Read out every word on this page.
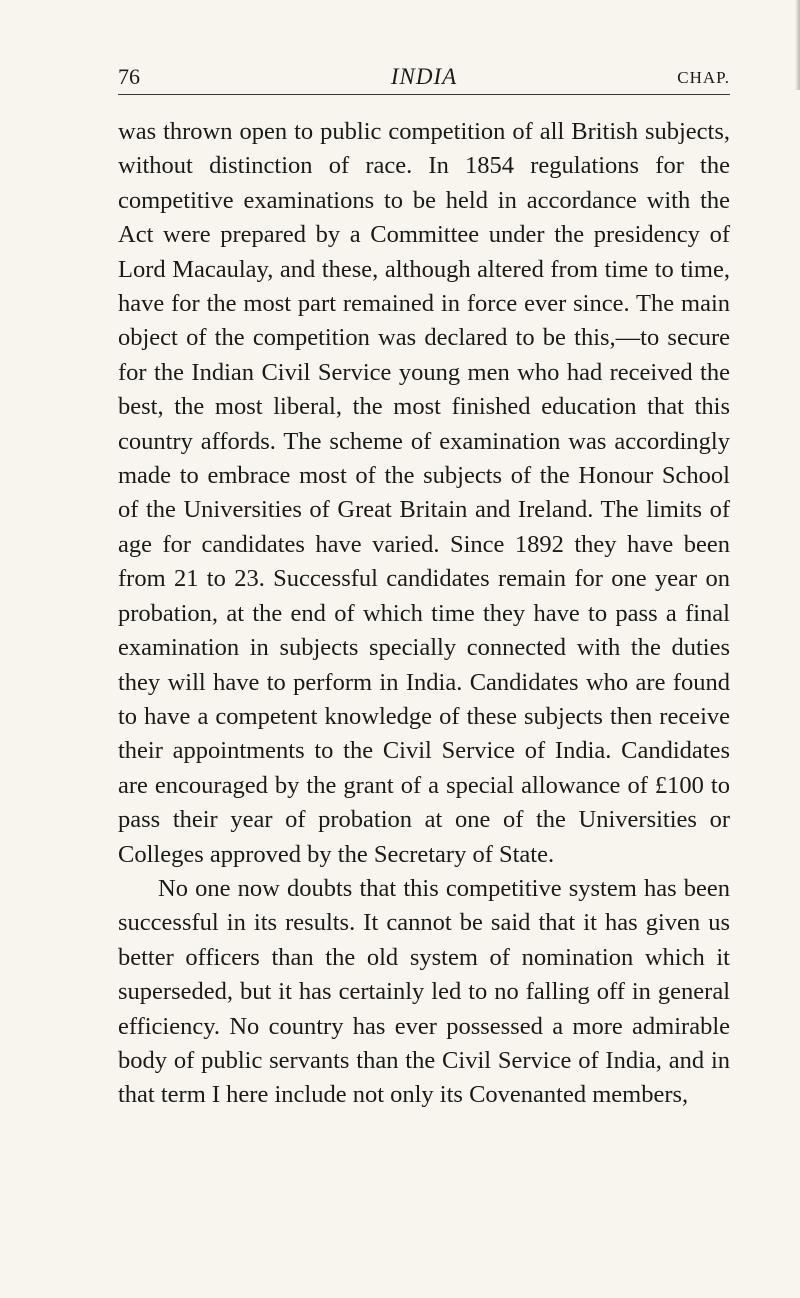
76	INDIA	CHAP.

was thrown open to public competition of all British subjects, without distinction of race. In 1854 regulations for the competitive examinations to be held in accordance with the Act were prepared by a Committee under the presidency of Lord Macaulay, and these, although altered from time to time, have for the most part remained in force ever since. The main object of the competition was declared to be this,—to secure for the Indian Civil Service young men who had received the best, the most liberal, the most finished education that this country affords. The scheme of examination was accordingly made to embrace most of the subjects of the Honour School of the Universities of Great Britain and Ireland. The limits of age for candidates have varied. Since 1892 they have been from 21 to 23. Successful candidates remain for one year on probation, at the end of which time they have to pass a final examination in subjects specially connected with the duties they will have to perform in India. Candidates who are found to have a competent knowledge of these subjects then receive their appointments to the Civil Service of India. Candidates are encouraged by the grant of a special allowance of £100 to pass their year of probation at one of the Universities or Colleges approved by the Secretary of State.

No one now doubts that this competitive system has been successful in its results. It cannot be said that it has given us better officers than the old system of nomination which it superseded, but it has certainly led to no falling off in general efficiency. No country has ever possessed a more admirable body of public servants than the Civil Service of India, and in that term I here include not only its Covenanted members,
